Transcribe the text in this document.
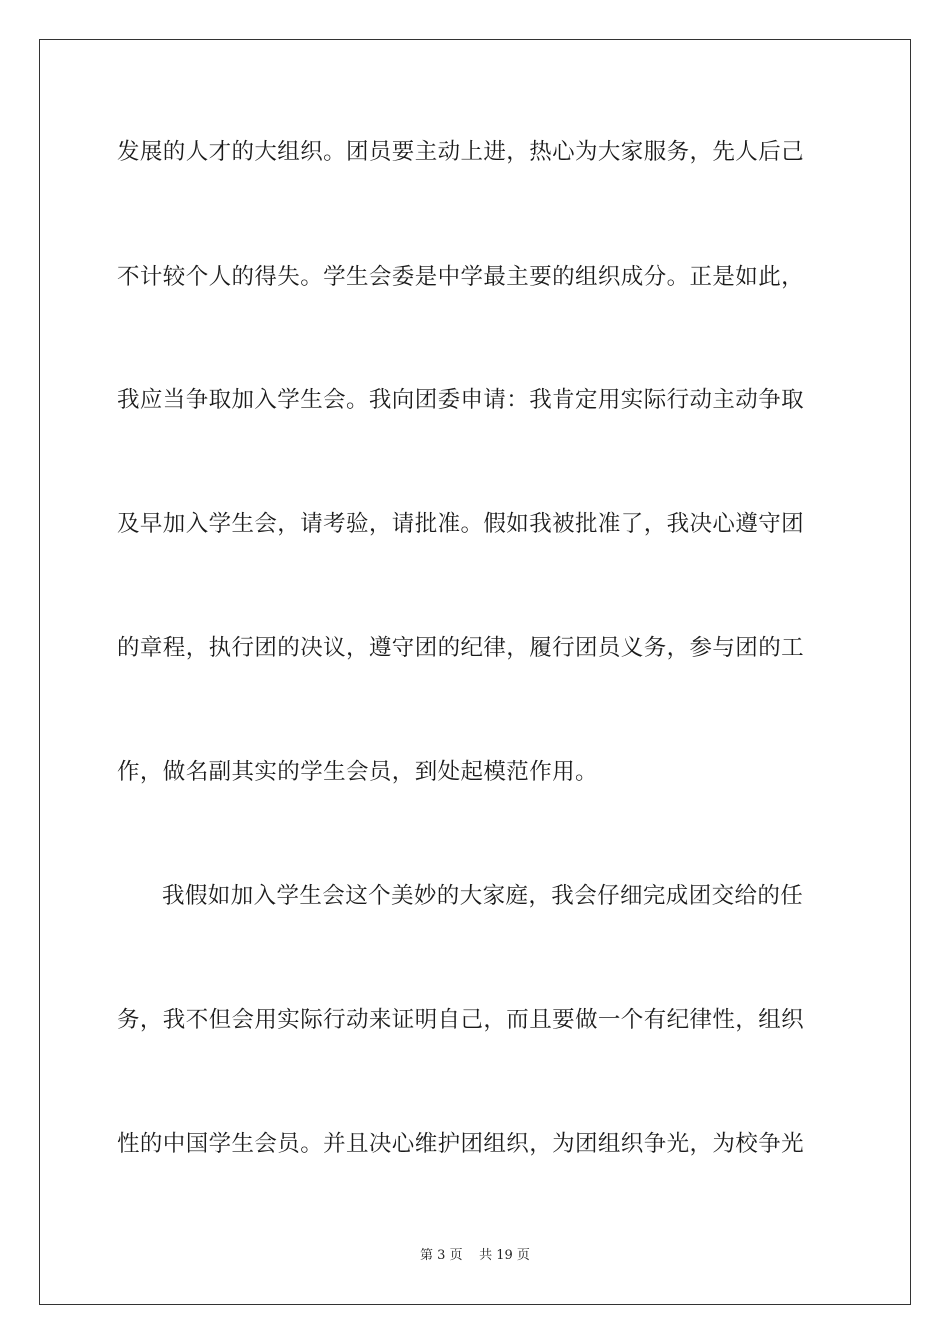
发展的人才的大组织。团员要主动上进，热心为大家服务，先人后己
不计较个人的得失。学生会委是中学最主要的组织成分。正是如此，
我应当争取加入学生会。我向团委申请：我肯定用实际行动主动争取
及早加入学生会，请考验，请批准。假如我被批准了，我决心遵守团
的章程，执行团的决议，遵守团的纪律，履行团员义务，参与团的工
作，做名副其实的学生会员，到处起模范作用。
我假如加入学生会这个美妙的大家庭，我会仔细完成团交给的任
务，我不但会用实际行动来证明自己，而且要做一个有纪律性，组织
性的中国学生会员。并且决心维护团组织，为团组织争光，为校争光
第 3 页 共 19 页
